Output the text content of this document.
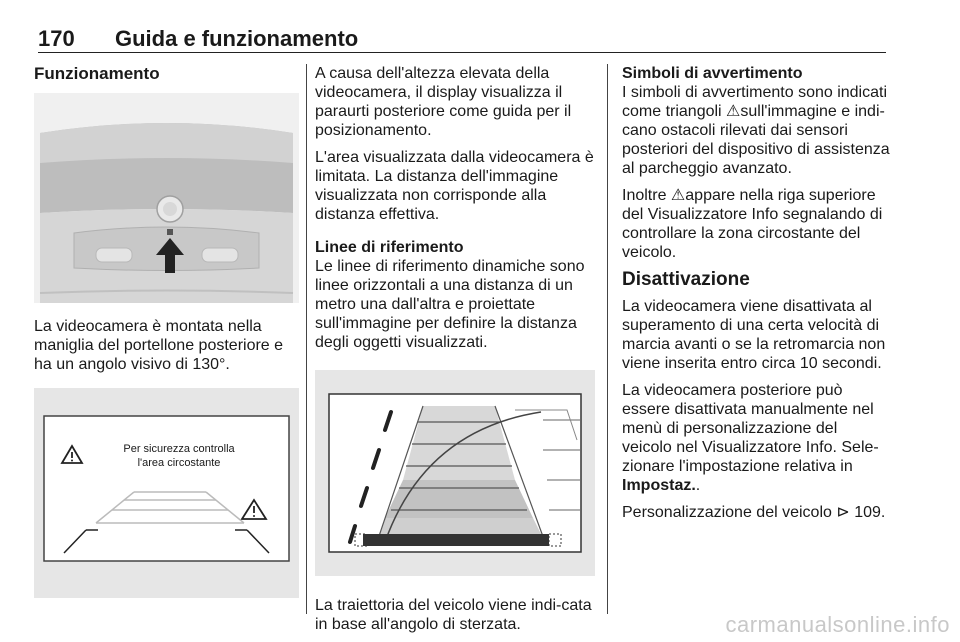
170 Guida e funzionamento
Funzionamento

La videocamera è montata nella maniglia del portellone posteriore e ha un angolo visivo di 130°.

Per sicurezza controlla
l'area circostante

A causa dell'altezza elevata della videocamera, il display visualizza il paraurti posteriore come guida per il posizionamento.

L'area visualizzata dalla videocamera è limitata. La distanza dell'immagine visualizzata non corrisponde alla distanza effettiva.

Linee di riferimento

Le linee di riferimento dinamiche sono linee orizzontali a una distanza di un metro una dall'altra e proiettate sull'immagine per definire la distanza degli oggetti visualizzati.

La traiettoria del veicolo viene indi-cata in base all'angolo di sterzata.

Simboli di avvertimento

I simboli di avvertimento sono indicati come triangoli ⚠sull'immagine e indi-cano ostacoli rilevati dai sensori posteriori del dispositivo di assistenza al parcheggio avanzato.

Inoltre ⚠appare nella riga superiore del Visualizzatore Info segnalando di controllare la zona circostante del veicolo.

Disattivazione

La videocamera viene disattivata al superamento di una certa velocità di marcia avanti o se la retromarcia non viene inserita entro circa 10 secondi.

La videocamera posteriore può essere disattivata manualmente nel menù di personalizzazione del veicolo nel Visualizzatore Info. Sele-zionare l'impostazione relativa in Impostaz..

Personalizzazione del veicolo ⊳ 109.

carmanualsonline.info
